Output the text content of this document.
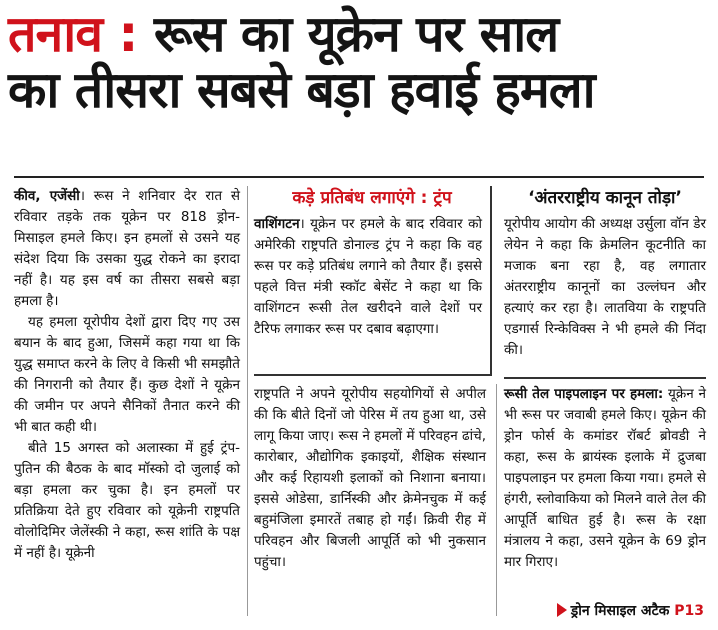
तनाव : रूस का यूक्रेन पर साल
का तीसरा सबसे बड़ा हवाई हमला

कीव, एजेंसी। रूस ने शनिवार देर रात से रविवार तड़के तक यूक्रेन पर 818 ड्रोन-मिसाइल हमले किए। इन हमलों से उसने यह संदेश दिया कि उसका युद्ध रोकने का इरादा नहीं है। यह इस वर्ष का तीसरा सबसे बड़ा हमला है।

यह हमला यूरोपीय देशों द्वारा दिए गए उस बयान के बाद हुआ, जिसमें कहा गया था कि युद्ध समाप्त करने के लिए वे किसी भी समझौते की निगरानी को तैयार हैं। कुछ देशों ने यूक्रेन की जमीन पर अपने सैनिकों तैनात करने की भी बात कही थी।

बीते 15 अगस्त को अलास्का में हुई ट्रंप-पुतिन की बैठक के बाद मॉस्को दो जुलाई को बड़ा हमला कर चुका है। इन हमलों पर प्रतिक्रिया देते हुए रविवार को यूक्रेनी राष्ट्रपति वोलोदिमिर जेलेंस्की ने कहा, रूस शांति के पक्ष में नहीं है। यूक्रेनी

कड़े प्रतिबंध लगाएंगे : ट्रंप
वाशिंगटन। यूक्रेन पर हमले के बाद रविवार को अमेरिकी राष्ट्रपति डोनाल्ड ट्रंप ने कहा कि वह रूस पर कड़े प्रतिबंध लगाने को तैयार हैं। इससे पहले वित्त मंत्री स्कॉट बेसेंट ने कहा था कि वाशिंगटन रूसी तेल खरीदने वाले देशों पर टैरिफ लगाकर रूस पर दबाव बढ़ाएगा।

राष्ट्रपति ने अपने यूरोपीय सहयोगियों से अपील की कि बीते दिनों जो पेरिस में तय हुआ था, उसे लागू किया जाए। रूस ने हमलों में परिवहन ढांचे, कारोबार, औद्योगिक इकाइयों, शैक्षिक संस्थान और कई रिहायशी इलाकों को निशाना बनाया। इससे ओडेसा, डार्निस्की और क्रेमेनचुक में कई बहुमंजिला इमारतें तबाह हो गईं। क्रिवी रीह में परिवहन और बिजली आपूर्ति को भी नुकसान पहुंचा।

‘अंतरराष्ट्रीय कानून तोड़ा’

यूरोपीय आयोग की अध्यक्ष उर्सुला वॉन डेर लेयेन ने कहा कि क्रेमलिन कूटनीति का मजाक बना रहा है, वह लगातार अंतरराष्ट्रीय कानूनों का उल्लंघन और हत्याएं कर रहा है। लातविया के राष्ट्रपति एडगार्स रिन्केविक्स ने भी हमले की निंदा की।

रूसी तेल पाइपलाइन पर हमला: यूक्रेन ने भी रूस पर जवाबी हमले किए। यूक्रेन की ड्रोन फोर्स के कमांडर रॉबर्ट ब्रोवडी ने कहा, रूस के ब्रायंस्क इलाके में द्रुजबा पाइपलाइन पर हमला किया गया। हमले से हंगरी, स्लोवाकिया को मिलने वाले तेल की आपूर्ति बाधित हुई है। रूस के रक्षा मंत्रालय ने कहा, उसने यूक्रेन के 69 ड्रोन मार गिराए।

ड्रोन मिसाइल अटैक P13
